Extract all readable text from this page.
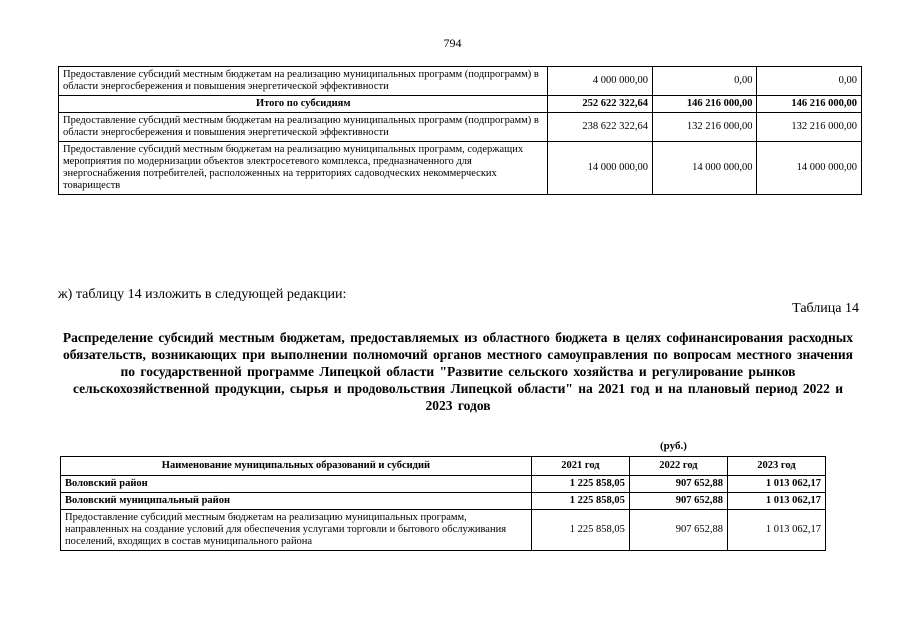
794
Предоставление субсидий местным бюджетам на реализацию муниципальных программ (подпрограмм) в области энергосбережения и повышения энергетической эффективности	4 000 000,00	0,00	0,00
Итого по субсидиям	252 622 322,64	146 216 000,00	146 216 000,00
Предоставление субсидий местным бюджетам на реализацию муниципальных программ (подпрограмм) в области энергосбережения и повышения энергетической эффективности	238 622 322,64	132 216 000,00	132 216 000,00
Предоставление субсидий местным бюджетам на реализацию муниципальных программ, содержащих мероприятия по модернизации объектов электросетевого комплекса, предназначенного для энергоснабжения потребителей, расположенных на территориях садоводческих некоммерческих товариществ	14 000 000,00	14 000 000,00	14 000 000,00
ж) таблицу 14 изложить в следующей редакции:
Таблица 14
Распределение субсидий местным бюджетам, предоставляемых из областного бюджета в целях софинансирования расходных обязательств, возникающих при выполнении полномочий органов местного самоуправления по вопросам местного значения по государственной программе Липецкой области "Развитие сельского хозяйства и регулирование рынков сельскохозяйственной продукции, сырья и продовольствия Липецкой области" на 2021 год и на плановый период 2022 и 2023 годов
(руб.)
Наименование муниципальных образований и субсидий	2021 год	2022 год	2023 год
Воловский район	1 225 858,05	907 652,88	1 013 062,17
Воловский муниципальный район	1 225 858,05	907 652,88	1 013 062,17
Предоставление субсидий местным бюджетам на реализацию муниципальных программ, направленных на создание условий для обеспечения услугами торговли и бытового обслуживания поселений, входящих в состав муниципального района	1 225 858,05	907 652,88	1 013 062,17
